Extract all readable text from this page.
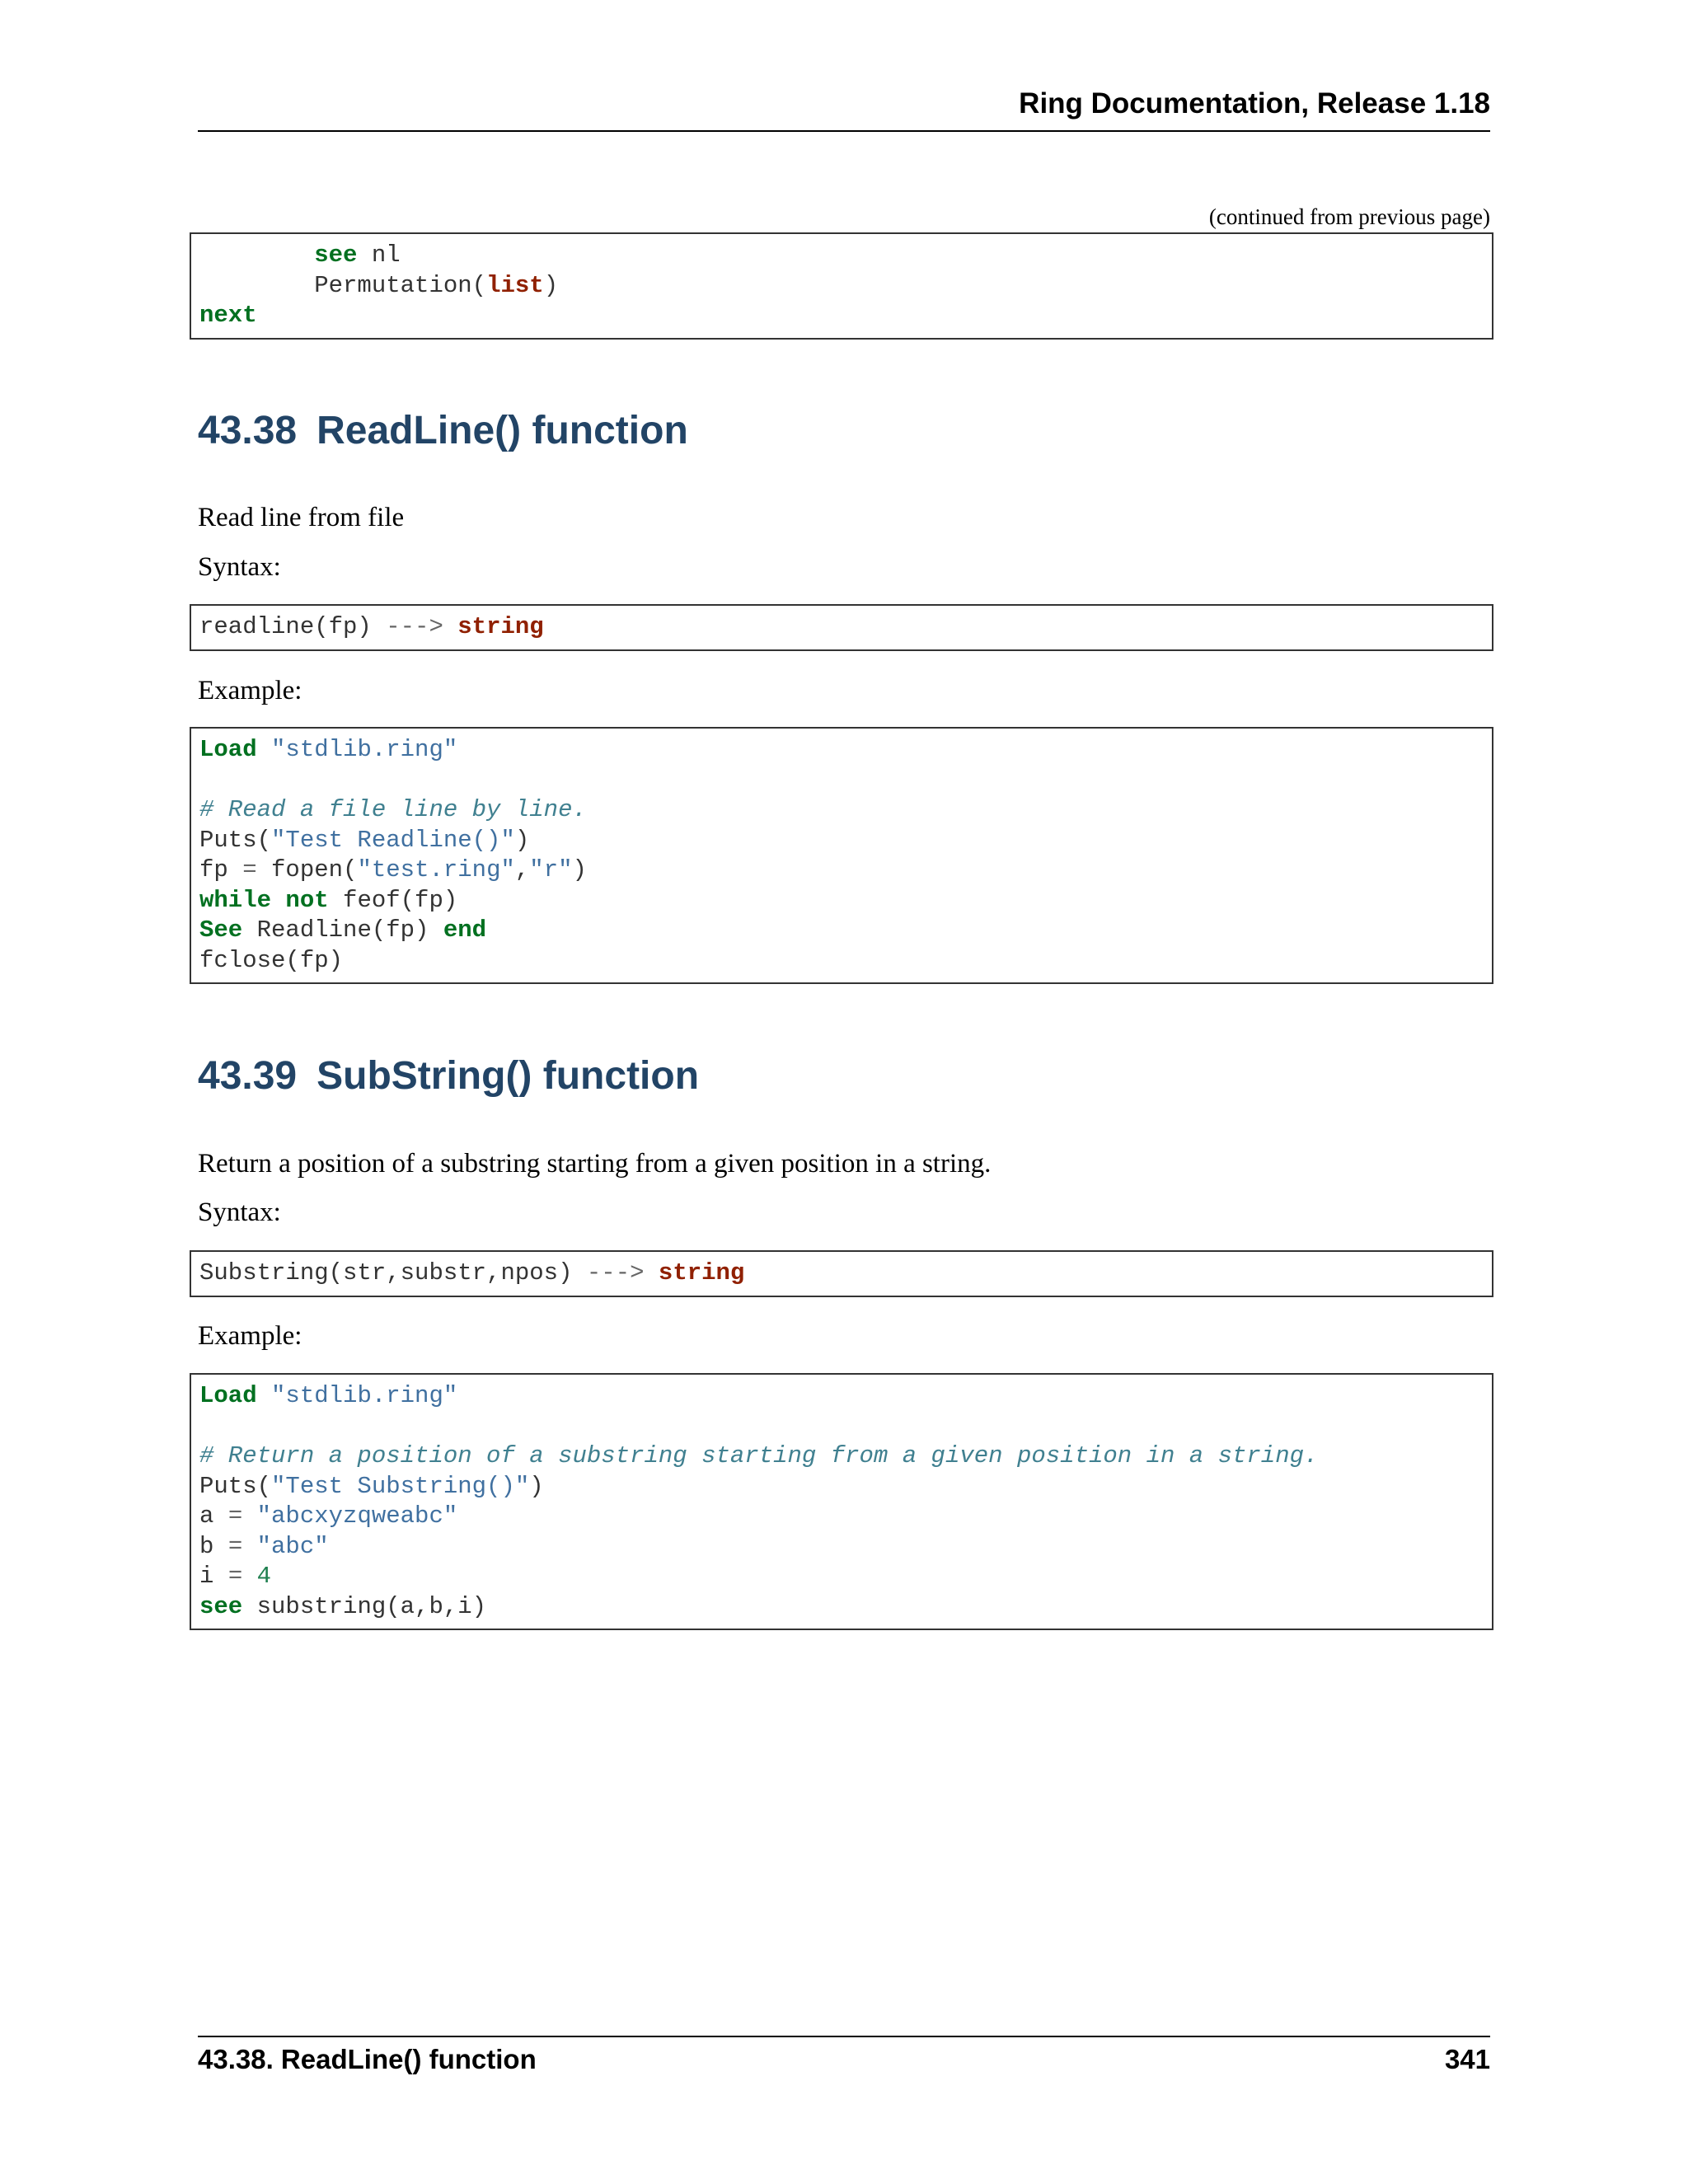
Ring Documentation, Release 1.18
(continued from previous page)
see nl
Permutation(list)
next
43.38 ReadLine() function

Read line from file

Syntax:

readline(fp) ---> string

Example:

Load "stdlib.ring"
# Read a file line by line.
Puts("Test Readline()")
fp = fopen("test.ring","r")
while not feof(fp)
See Readline(fp) end
fclose(fp)
43.39 SubString() function

Return a position of a substring starting from a given position in a string.

Syntax:

Substring(str,substr,npos) ---> string

Example:

Load "stdlib.ring"
# Return a position of a substring starting from a given position in a string.
Puts("Test Substring()")
a = "abcxyzqweabc"
b = "abc"
i = 4
see substring(a,b,i)
43.38. ReadLine() function	341
